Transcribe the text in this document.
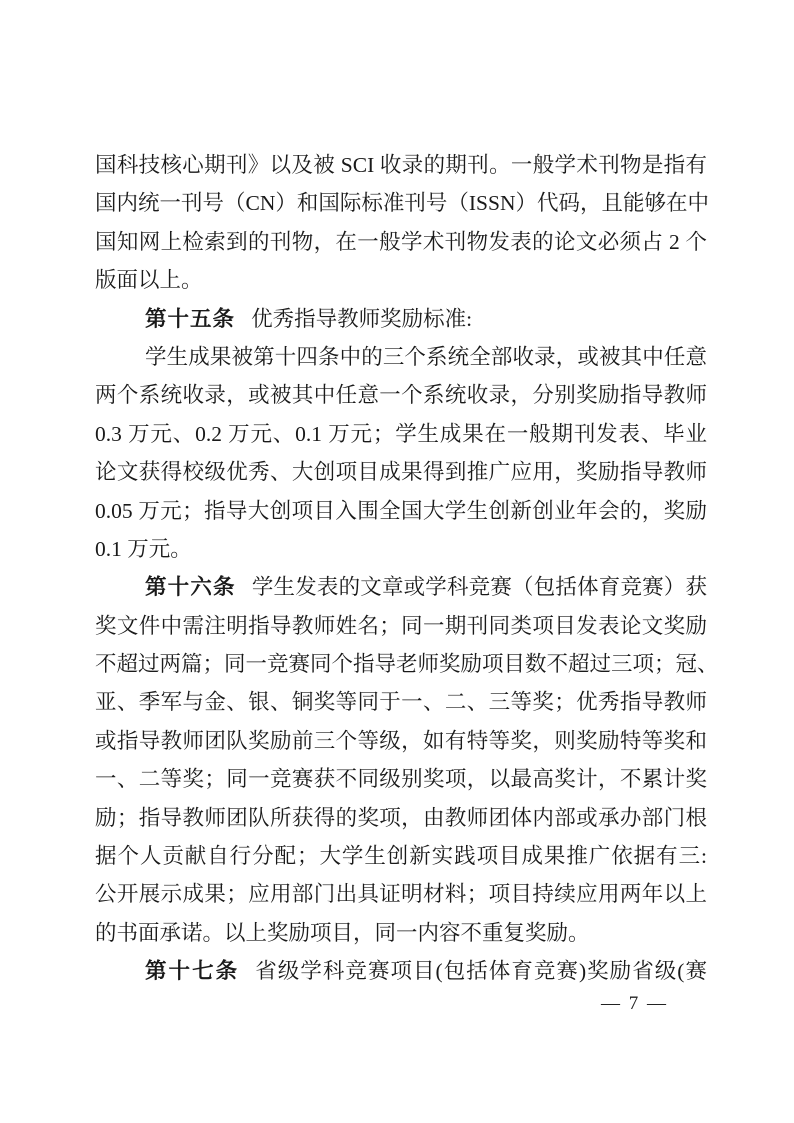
国科技核心期刊》以及被 SCI 收录的期刊。一般学术刊物是指有
国内统一刊号（CN）和国际标准刊号（ISSN）代码，且能够在中
国知网上检索到的刊物，在一般学术刊物发表的论文必须占 2 个
版面以上。
第十五条 优秀指导教师奖励标准:
学生成果被第十四条中的三个系统全部收录，或被其中任意
两个系统收录，或被其中任意一个系统收录，分别奖励指导教师
0.3 万元、0.2 万元、0.1 万元；学生成果在一般期刊发表、毕业
论文获得校级优秀、大创项目成果得到推广应用，奖励指导教师
0.05 万元；指导大创项目入围全国大学生创新创业年会的，奖励
0.1 万元。
第十六条 学生发表的文章或学科竞赛（包括体育竞赛）获
奖文件中需注明指导教师姓名；同一期刊同类项目发表论文奖励
不超过两篇；同一竞赛同个指导老师奖励项目数不超过三项；冠、
亚、季军与金、银、铜奖等同于一、二、三等奖；优秀指导教师
或指导教师团队奖励前三个等级，如有特等奖，则奖励特等奖和
一、二等奖；同一竞赛获不同级别奖项，以最高奖计，不累计奖
励；指导教师团队所获得的奖项，由教师团体内部或承办部门根
据个人贡献自行分配；大学生创新实践项目成果推广依据有三:
公开展示成果；应用部门出具证明材料；项目持续应用两年以上
的书面承诺。以上奖励项目，同一内容不重复奖励。
第十七条 省级学科竞赛项目(包括体育竞赛)奖励省级(赛
— 7 —
